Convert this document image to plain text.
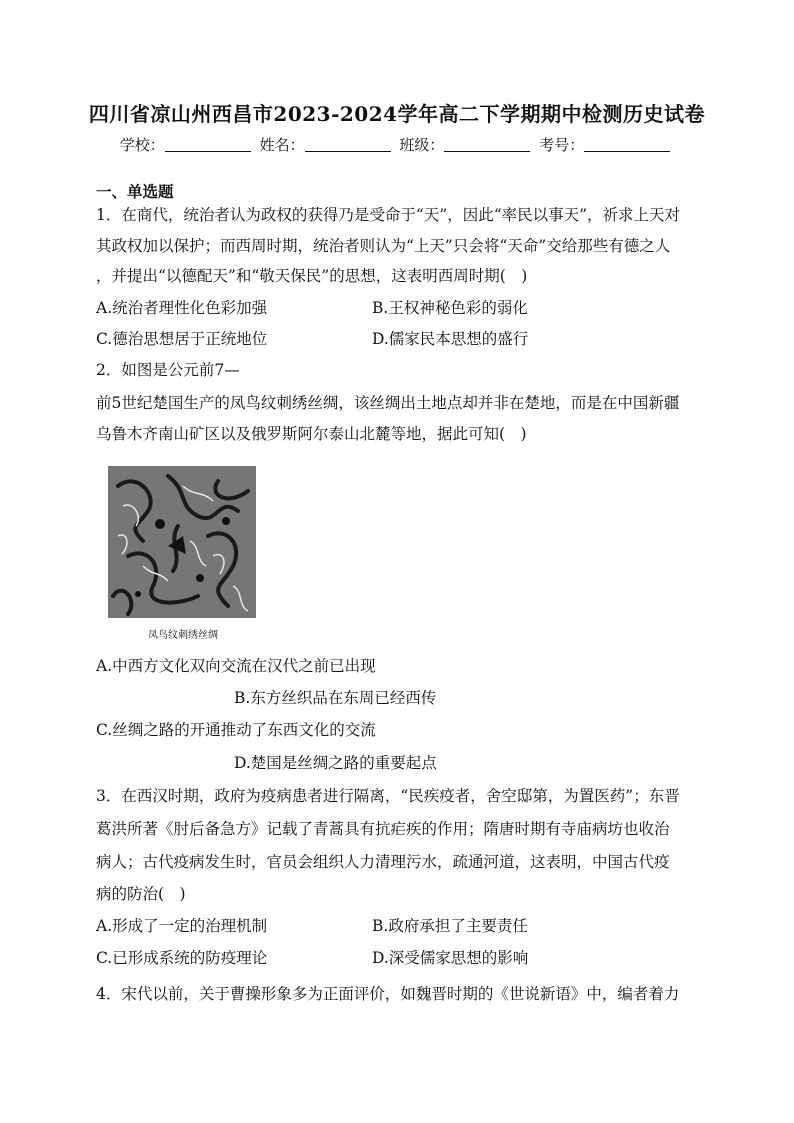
四川省凉山州西昌市2023-2024学年高二下学期期中检测历史试卷
学校：	姓名：	班级：	考号：
一、单选题
1．在商代，统治者认为政权的获得乃是受命于“天”，因此“率民以事天”，祈求上天对
其政权加以保护；而西周时期，统治者则认为“上天”只会将“天命”交给那些有德之人
，并提出“以德配天”和“敬天保民”的思想，这表明西周时期(　)
A.统治者理性化色彩加强	B.王权神秘色彩的弱化
C.德治思想居于正统地位	D.儒家民本思想的盛行
2．如图是公元前7—
前5世纪楚国生产的凤鸟纹刺绣丝绸，该丝绸出土地点却并非在楚地，而是在中国新疆
乌鲁木齐南山矿区以及俄罗斯阿尔泰山北麓等地，据此可知(　)
凤鸟纹刺绣丝绸
A.中西方文化双向交流在汉代之前已出现
B.东方丝织品在东周已经西传
C.丝绸之路的开通推动了东西文化的交流
D.楚国是丝绸之路的重要起点
3．在西汉时期，政府为疫病患者进行隔离，“民疾疫者，舍空邸第，为置医药”；东晋
葛洪所著《肘后备急方》记载了青蒿具有抗疟疾的作用；隋唐时期有寺庙病坊也收治
病人；古代疫病发生时，官员会组织人力清理污水，疏通河道，这表明，中国古代疫
病的防治(　)
A.形成了一定的治理机制	B.政府承担了主要责任
C.已形成系统的防疫理论	D.深受儒家思想的影响
4．宋代以前，关于曹操形象多为正面评价，如魏晋时期的《世说新语》中，编者着力
